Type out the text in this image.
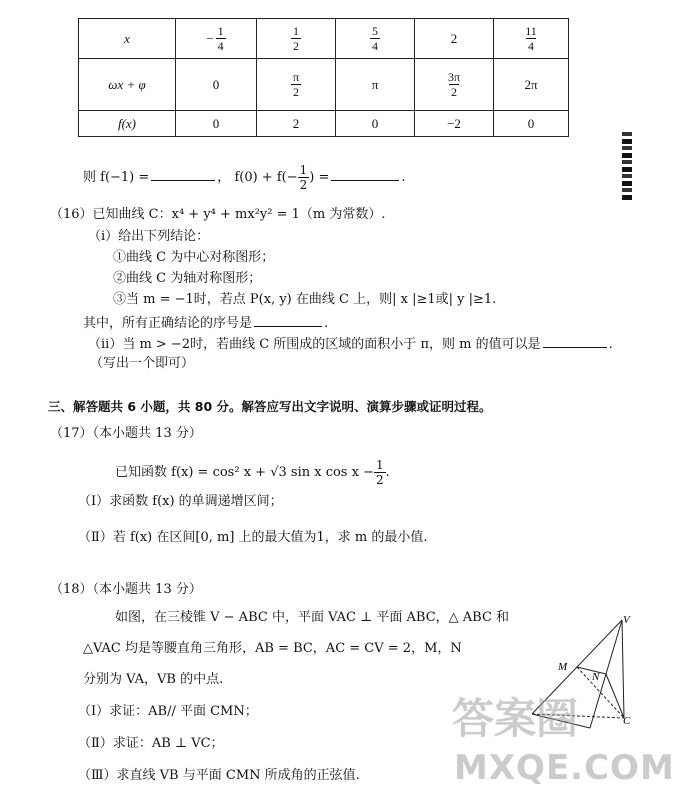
x	− $\frac{1}{4}$	$\frac{1}{2}$	$\frac{5}{4}$	2	$\frac{11}{4}$

ωx + φ	0	$\frac{\pi}{2}$	π	$\frac{3\pi}{2}$	2π
f(x)	0	2	0	−2	0
则 f(−1) =	， $f(0) + f(- \frac{1}{2}$ ) =	.
（16）已知曲线 C：x⁴ + y⁴ + mx²y² = 1（m 为常数）.
（i）给出下列结论：
①曲线 C 为中心对称图形；
②曲线 C 为轴对称图形；
③当 m = −1时，若点 P(x, y) 在曲线 C 上，则| x |≥1或| y |≥1.
其中，所有正确结论的序号是	.
（ii）当 m > −2时，若曲线 C 所围成的区域的面积小于 π，则 m 的值可以是	.
（写出一个即可）
三、解答题共 6 小题，共 80 分。解答应写出文字说明、演算步骤或证明过程。
（17）（本小题共 13 分）
已知函数 f(x) = cos² x + √3 sin x $\cos x - \frac{1}{2}$ .
（Ⅰ）求函数 f(x) 的单调递增区间；
（Ⅱ）若 f(x) 在区间[0, m] 上的最大值为1，求 m 的最小值.
（18）（本小题共 13 分）
如图，在三棱锥 V − ABC 中，平面 VAC ⊥ 平面 ABC，△ ABC 和
△VAC 均是等腰直角三角形，AB = BC，AC = CV = 2，M，N
分别为 VA，VB 的中点.
（Ⅰ）求证：AB// 平面 CMN；
（Ⅱ）求证：AB ⊥ VC；
（Ⅲ）求直线 VB 与平面 CMN 所成角的正弦值.
V
M
N
C
答案圈
MXQE.COM
